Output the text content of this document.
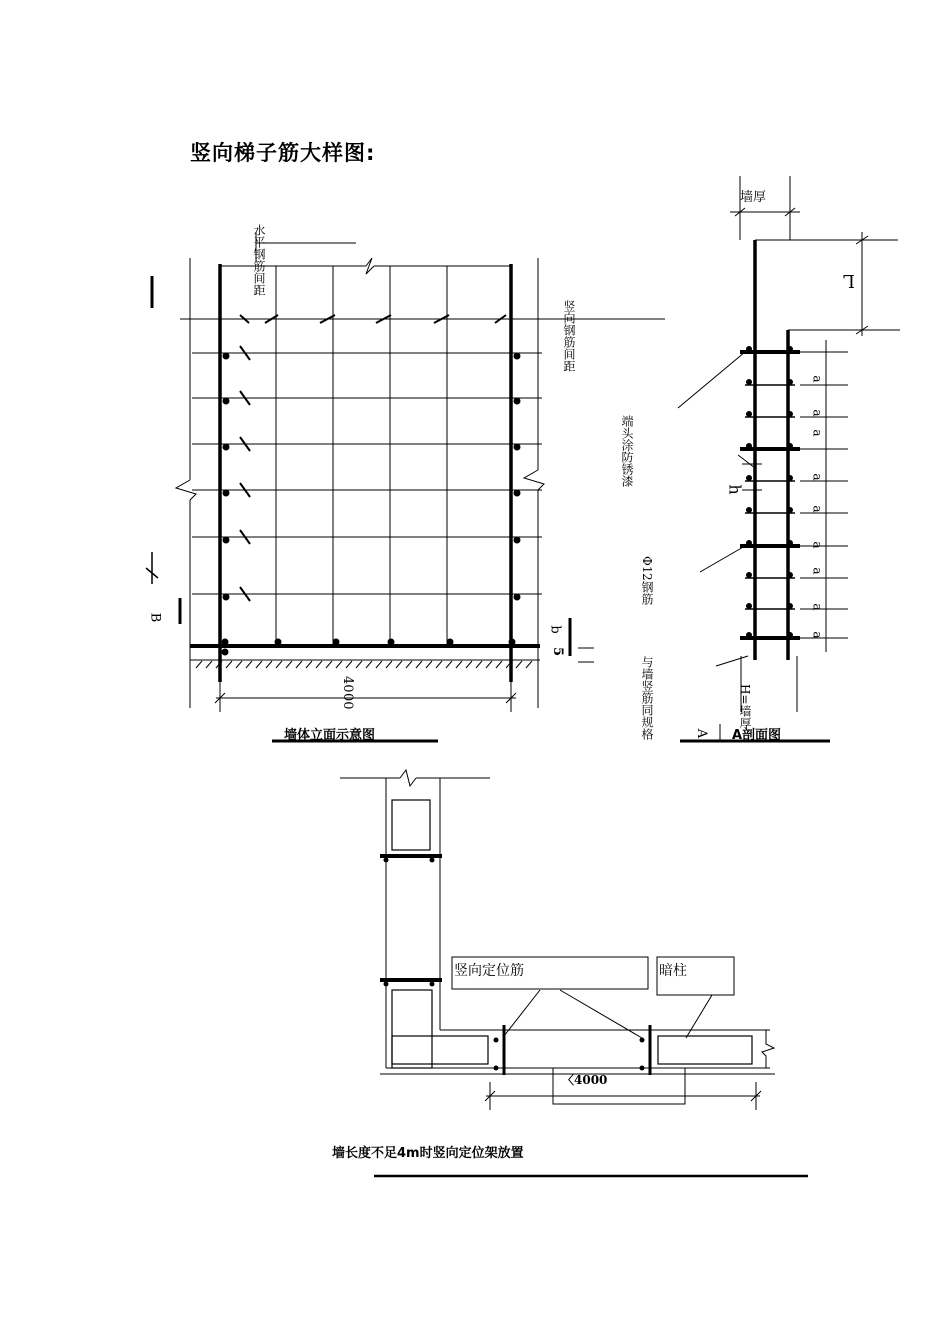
竖向梯子筋大样图:
水平钢筋间距
竖向钢筋间距
4000
B
b
5
墙体立面示意图
墙厚
L
端头涂防锈漆
h
Φ12钢筋
与墙竖筋同规格
H=墙厚
A A剖面图
a
a
a
a
a
a
a
a
a
竖向定位筋	暗柱
〈4000
墙长度不足4m时竖向定位架放置
